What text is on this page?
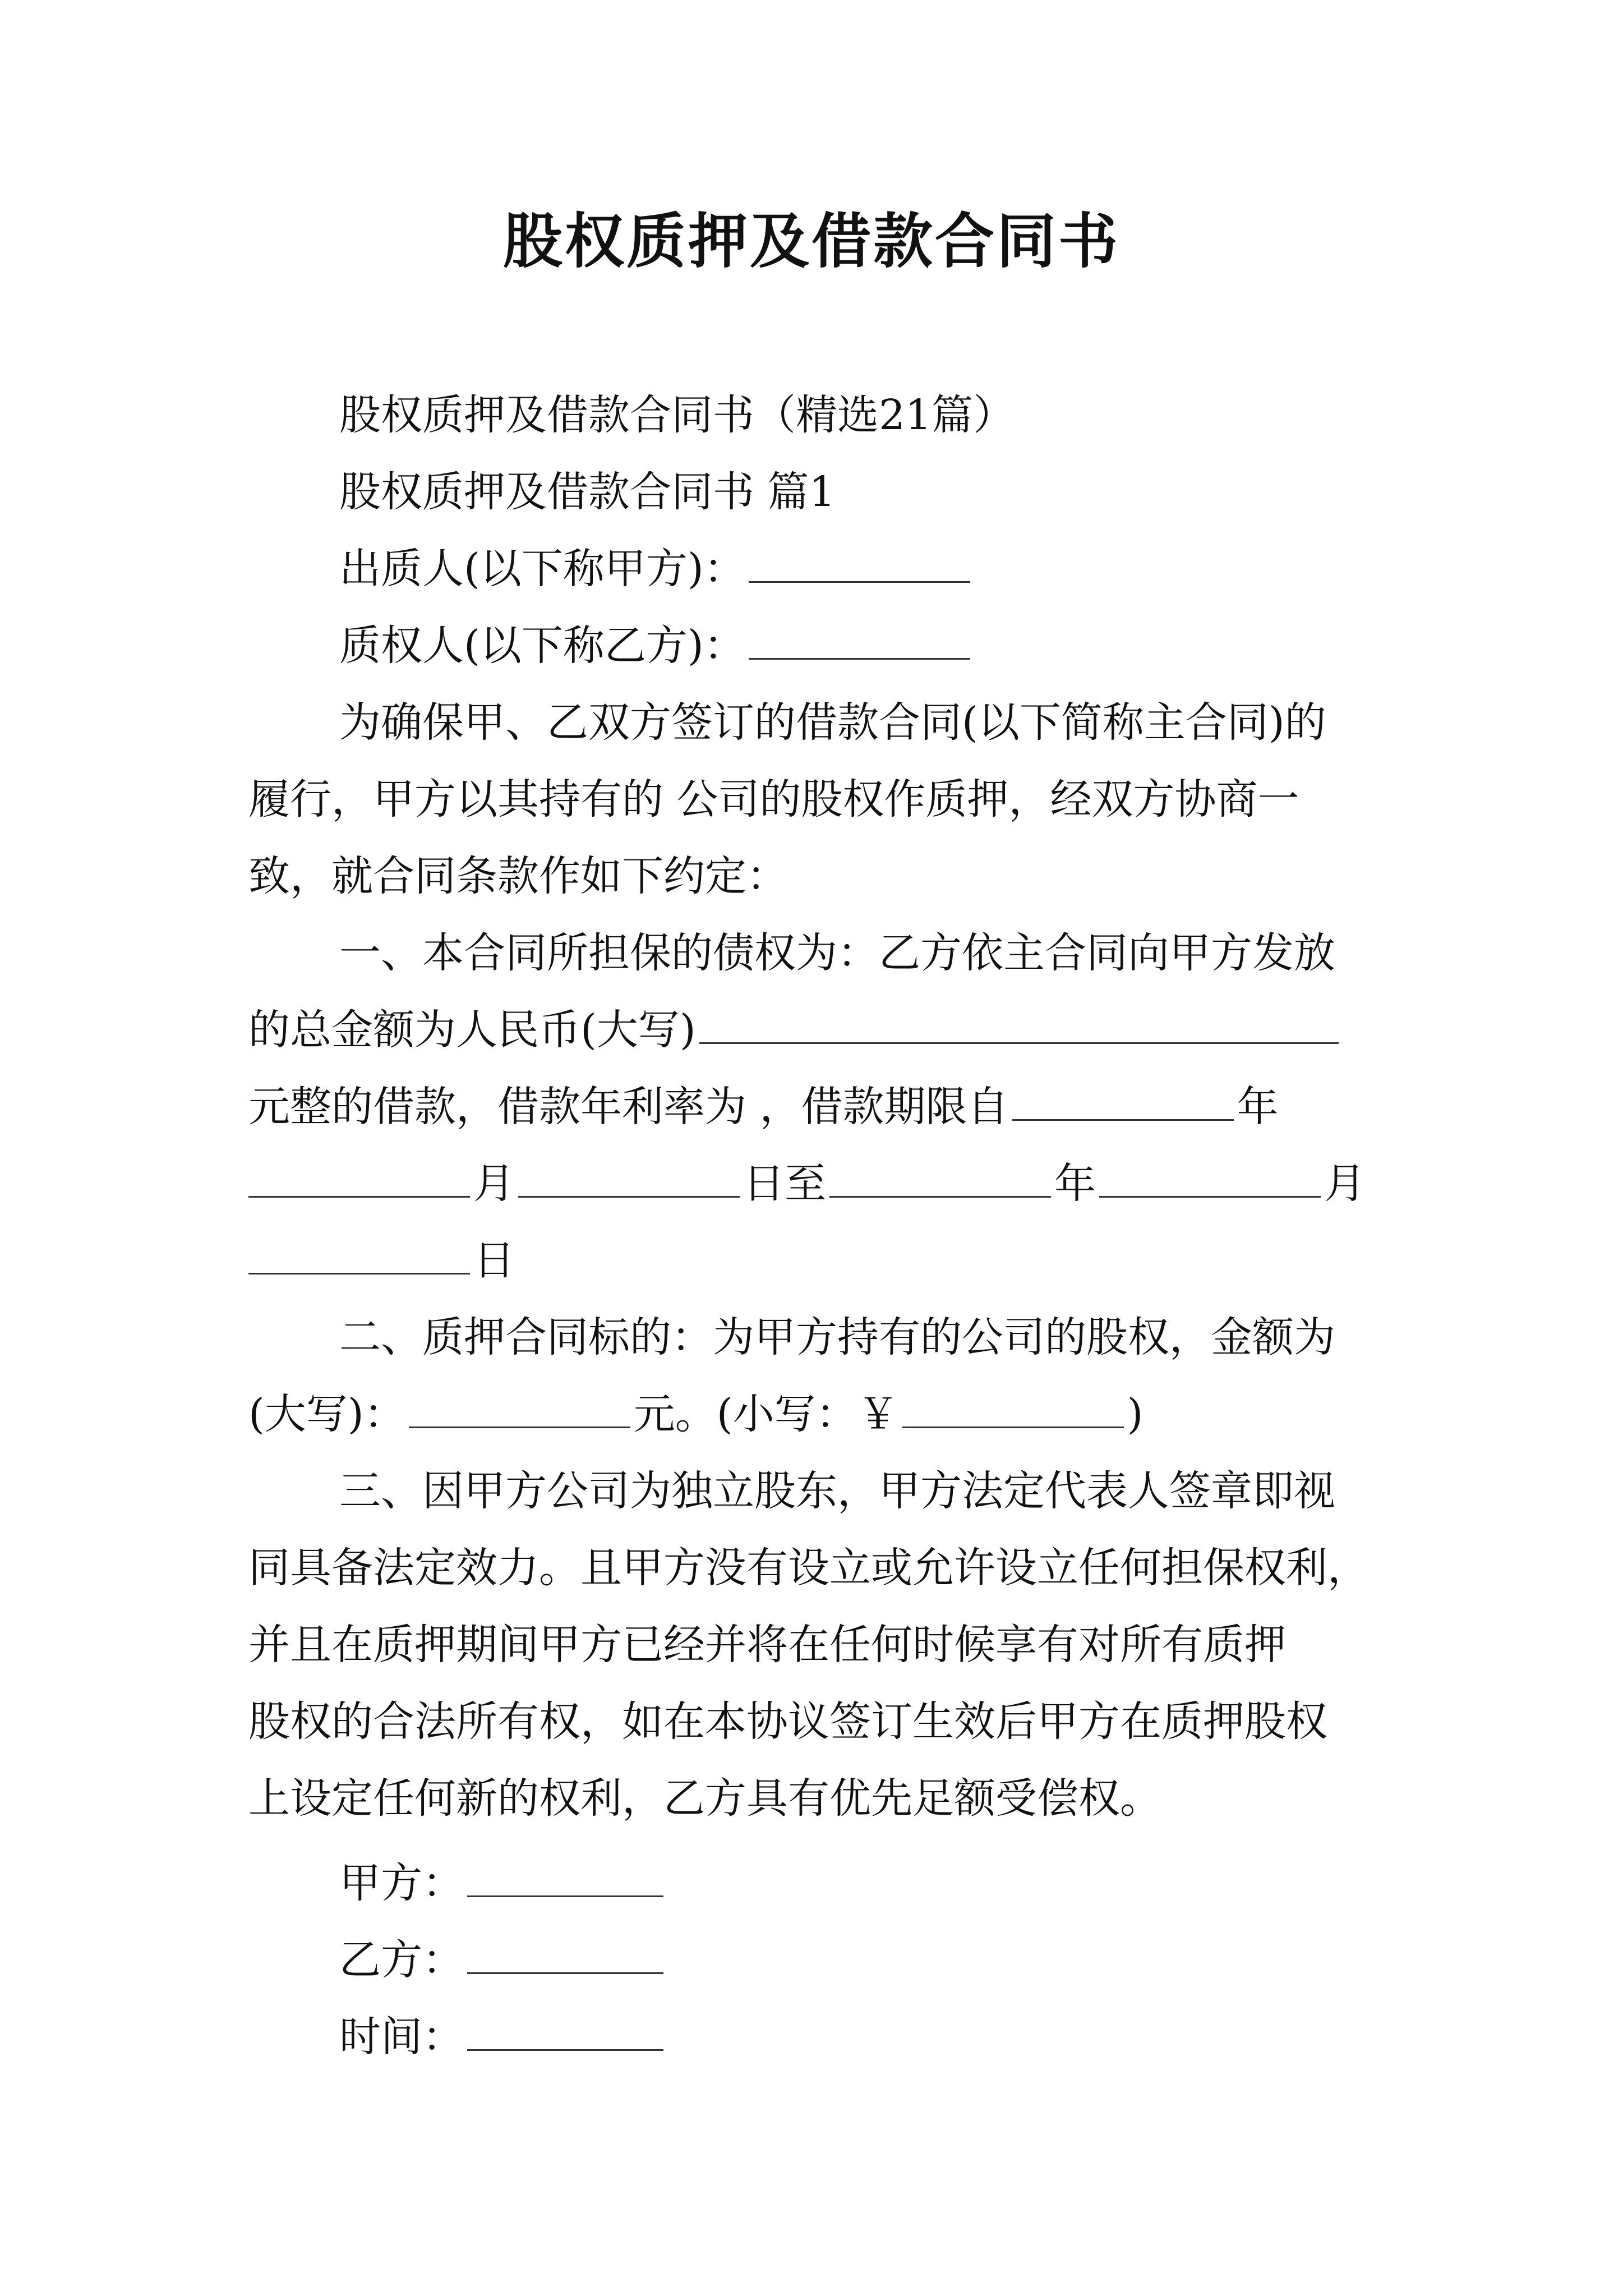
股权质押及借款合同书
股权质押及借款合同书（精选21篇）
股权质押及借款合同书 篇1
出质人(以下称甲方)：
质权人(以下称乙方)：
为确保甲、乙双方签订的借款合同(以下简称主合同)的
履行，甲方以其持有的 公司的股权作质押，经双方协商一
致，就合同条款作如下约定：
一、本合同所担保的债权为：乙方依主合同向甲方发放
的总金额为人民币(大写)
元整的借款，借款年利率为 ，借款期限自	年
月	日至	年	月
日
二、质押合同标的：为甲方持有的公司的股权，金额为
(大写)：	元。(小写：￥	)
三、因甲方公司为独立股东，甲方法定代表人签章即视
同具备法定效力。且甲方没有设立或允许设立任何担保权利，
并且在质押期间甲方已经并将在任何时候享有对所有质押
股权的合法所有权，如在本协议签订生效后甲方在质押股权
上设定任何新的权利，乙方具有优先足额受偿权。
甲方：
乙方：
时间：
